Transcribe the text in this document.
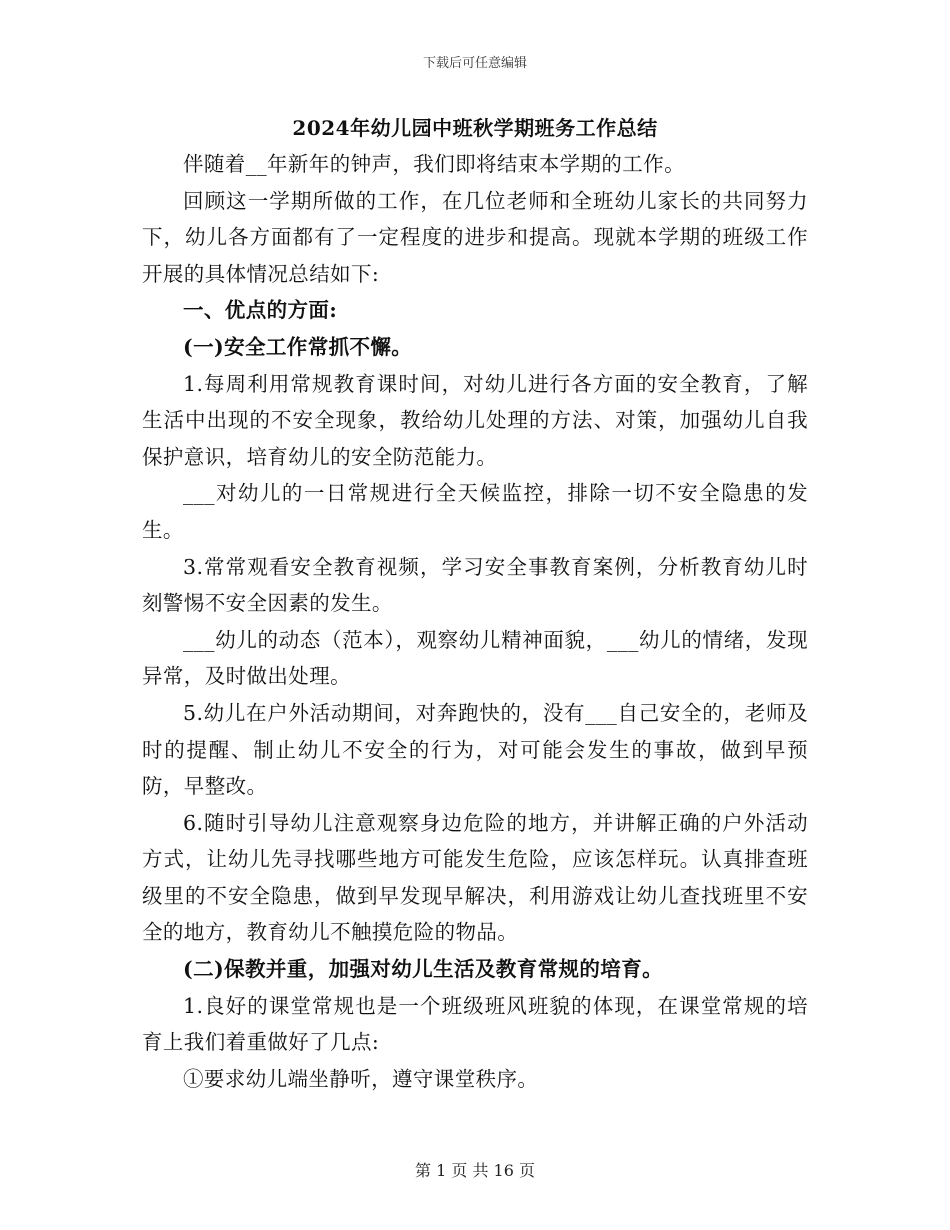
下载后可任意编辑
2024年幼儿园中班秋学期班务工作总结

伴随着__年新年的钟声，我们即将结束本学期的工作。

回顾这一学期所做的工作，在几位老师和全班幼儿家长的共同努力下，幼儿各方面都有了一定程度的进步和提高。现就本学期的班级工作开展的具体情况总结如下:

一、优点的方面:

(一)安全工作常抓不懈。

1.每周利用常规教育课时间，对幼儿进行各方面的安全教育，了解生活中出现的不安全现象，教给幼儿处理的方法、对策，加强幼儿自我保护意识，培育幼儿的安全防范能力。

___对幼儿的一日常规进行全天候监控，排除一切不安全隐患的发生。

3.常常观看安全教育视频，学习安全事教育案例，分析教育幼儿时刻警惕不安全因素的发生。

___幼儿的动态（范本），观察幼儿精神面貌，___幼儿的情绪，发现异常，及时做出处理。

5.幼儿在户外活动期间，对奔跑快的，没有___自己安全的，老师及时的提醒、制止幼儿不安全的行为，对可能会发生的事故，做到早预防，早整改。

6.随时引导幼儿注意观察身边危险的地方，并讲解正确的户外活动方式，让幼儿先寻找哪些地方可能发生危险，应该怎样玩。认真排查班级里的不安全隐患，做到早发现早解决，利用游戏让幼儿查找班里不安全的地方，教育幼儿不触摸危险的物品。

(二)保教并重，加强对幼儿生活及教育常规的培育。

1.良好的课堂常规也是一个班级班风班貌的体现，在课堂常规的培育上我们着重做好了几点:

①要求幼儿端坐静听，遵守课堂秩序。

第 1 页 共 16 页
